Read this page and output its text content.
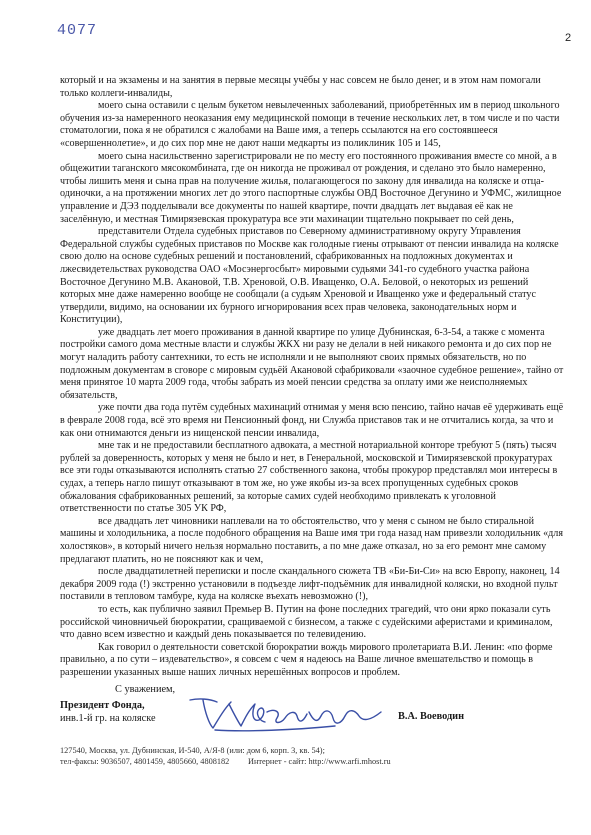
4077	2

который и на экзамены и на занятия в первые месяцы учёбы у нас совсем не было денег, и в этом нам помогали только коллеги-инвалиды,

моего сына оставили с целым букетом невылеченных заболеваний, приобретённых им в период школьного обучения из-за намеренного неоказания ему медицинской помощи в течение нескольких лет, в том числе и по части стоматологии, пока я не обратился с жалобами на Ваше имя, а теперь ссылаются на его состоявшееся «совершеннолетие», и до сих пор мне не дают наши медкарты из поликлиник 105 и 145,

моего сына насильственно зарегистрировали не по месту его постоянного проживания вместе со мной, а в общежитии таганского мясокомбината, где он никогда не проживал от рождения, и сделано это было намеренно, чтобы лишить меня и сына прав на получение жилья, полагающегося по закону для инвалида на коляске и отца-одиночки, а на протяжении многих лет до этого паспортные службы ОВД Восточное Дегунино и УФМС, жилищное управление и ДЭЗ подделывали все документы по нашей квартире, почти двадцать лет выдавая её как не заселённую, и местная Тимирязевская прокуратура все эти махинации тщательно покрывает по сей день,

представители Отдела судебных приставов по Северному административному округу Управления Федеральной службы судебных приставов по Москве как голодные гиены отрывают от пенсии инвалида на коляске свою долю на основе судебных решений и постановлений, сфабрикованных на подложных документах и лжесвидетельствах руководства ОАО «Мосэнергосбыт» мировыми судьями 341-го судебного участка района Восточное Дегунино М.В. Акановой, Т.В. Хреновой, О.В. Иващенко, О.А. Беловой, о некоторых из решений которых мне даже намеренно вообще не сообщали (а судьям Хреновой и Иващенко уже и федеральный статус утвердили, видимо, на основании их бурного игнорирования всех прав человека, законодательных норм и Конституции),

уже двадцать лет моего проживания в данной квартире по улице Дубнинская, 6-3-54, а также с момента постройки самого дома местные власти и службы ЖКХ ни разу не делали в ней никакого ремонта и до сих пор не могут наладить работу сантехники, то есть не исполняли и не выполняют своих прямых обязательств, но по подложным документам в сговоре с мировым судьёй Акановой сфабриковали «заочное судебное решение», тайно от меня принятое 10 марта 2009 года, чтобы забрать из моей пенсии средства за оплату ими же неисполняемых обязательств,

уже почти два года путём судебных махинаций отнимая у меня всю пенсию, тайно начав её удерживать ещё в феврале 2008 года, всё это время ни Пенсионный фонд, ни Служба приставов так и не отчитались когда, за что и как они отнимаются деньги из нищенской пенсии инвалида,

мне так и не предоставили бесплатного адвоката, а местной нотариальной конторе требуют 5 (пять) тысяч рублей за доверенность, которых у меня не было и нет, в Генеральной, московской и Тимирязевской прокуратурах все эти годы отказываются исполнять статью 27 собственного закона, чтобы прокурор представлял мои интересы в судах, а теперь нагло пишут отказывают в том же, но уже якобы из-за всех пропущенных судебных сроков обжалования сфабрикованных решений, за которые самих судей необходимо привлекать к уголовной ответственности по статье 305 УК РФ,

все двадцать лет чиновники наплевали на то обстоятельство, что у меня с сыном не было стиральной машины и холодильника, а после подобного обращения на Ваше имя три года назад нам привезли холодильник «для холостяков», в который ничего нельзя нормально поставить, а по мне даже отказал, но за его ремонт мне самому предлагают платить, но не поясняют как и чем,

после двадцатилетней переписки и после скандального сюжета ТВ «Би-Би-Си» на всю Европу, наконец, 14 декабря 2009 года (!) экстренно установили в подъезде лифт-подъёмник для инвалидной коляски, но входной пульт поставили в тепловом тамбуре, куда на коляске въехать невозможно (!),

то есть, как публично заявил Премьер В. Путин на фоне последних трагедий, что они ярко показали суть российской чиновничьей бюрократии, сращиваемой с бизнесом, а также с судейскими аферистами и криминалом, что давно всем известно и каждый день показывается по телевидению.

Как говорил о деятельности советской бюрократии вождь мирового пролетариата В.И. Ленин: «по форме правильно, а по сути – издевательство», я совсем с чем я надеюсь на Ваше личное вмешательство и помощь в разрешении указанных выше наших личных нерешённых вопросов и проблем.

С уважением,
Президент Фонда,
инв.1-й гр. на коляске	В.А. Воеводин
127540, Москва, ул. Дубнинская, И-540, А/Я-8 (или: дом 6, корп. 3, кв. 54);
тел-факсы: 9036507, 4801459, 4805660, 4808182 Интернет - сайт: http://www.arfi.mhost.ru
